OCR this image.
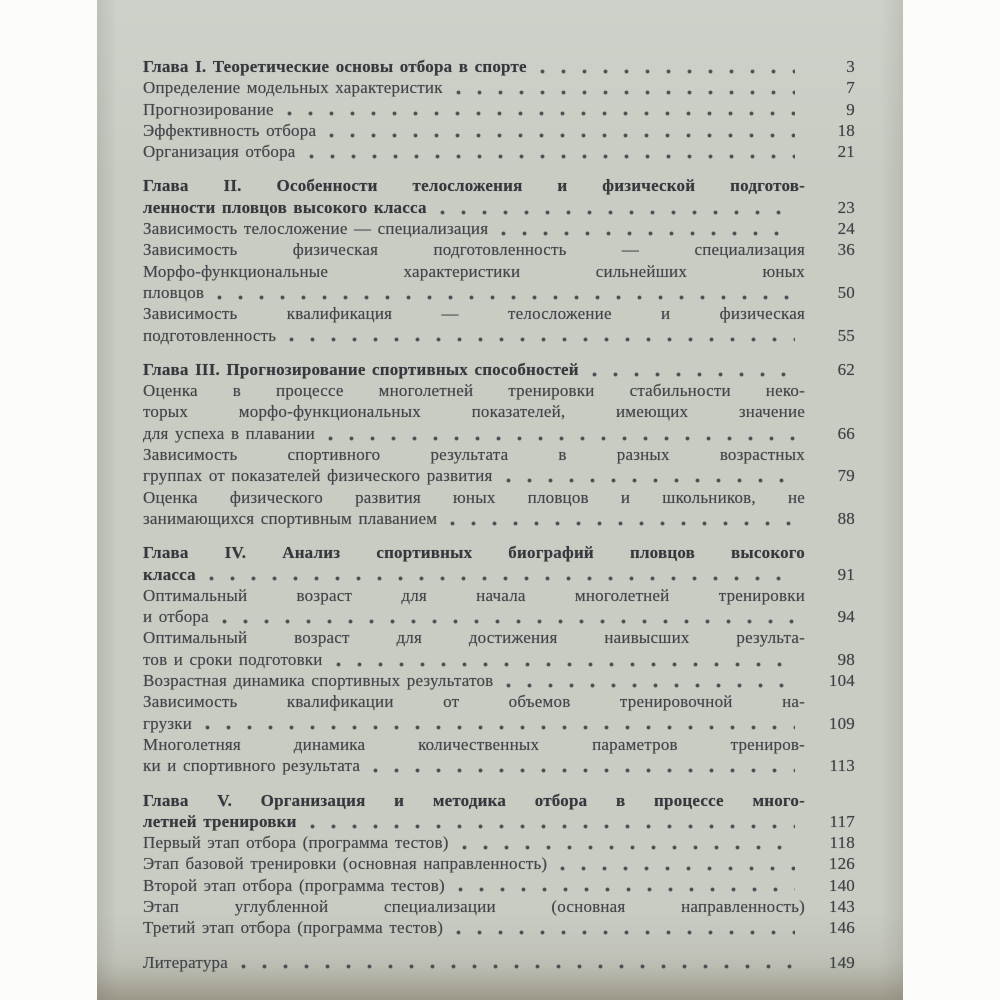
Глава I. Теоретические основы отбора в спорте	3
Определение модельных характеристик	7
Прогнозирование	9
Эффективность отбора	18
Организация отбора	21
Глава II. Особенности телосложения и физической подготов-
ленности пловцов высокого класса	23
Зависимость телосложение — специализация	24
Зависимость физическая подготовленность — специализация	36
Морфо-функциональные характеристики сильнейших юных
пловцов	50
Зависимость квалификация — телосложение и физическая
подготовленность	55
Глава III. Прогнозирование спортивных способностей	62
Оценка в процессе многолетней тренировки стабильности неко-
торых морфо-функциональных показателей, имеющих значение
для успеха в плавании	66
Зависимость спортивного результата в разных возрастных
группах от показателей физического развития	79
Оценка физического развития юных пловцов и школьников, не
занимающихся спортивным плаванием	88
Глава IV. Анализ спортивных биографий пловцов высокого
класса	91
Оптимальный возраст для начала многолетней тренировки
и отбора	94
Оптимальный возраст для достижения наивысших результа-
тов и сроки подготовки	98
Возрастная динамика спортивных результатов	104
Зависимость квалификации от объемов тренировочной на-
грузки	109
Многолетняя динамика количественных параметров трениров-
ки и спортивного результата	113
Глава V. Организация и методика отбора в процессе много-
летней тренировки	117
Первый этап отбора (программа тестов)	118
Этап базовой тренировки (основная направленность)	126
Второй этап отбора (программа тестов)	140
Этап углубленной специализации (основная направленность)	143
Третий этап отбора (программа тестов)	146
Литература	149
